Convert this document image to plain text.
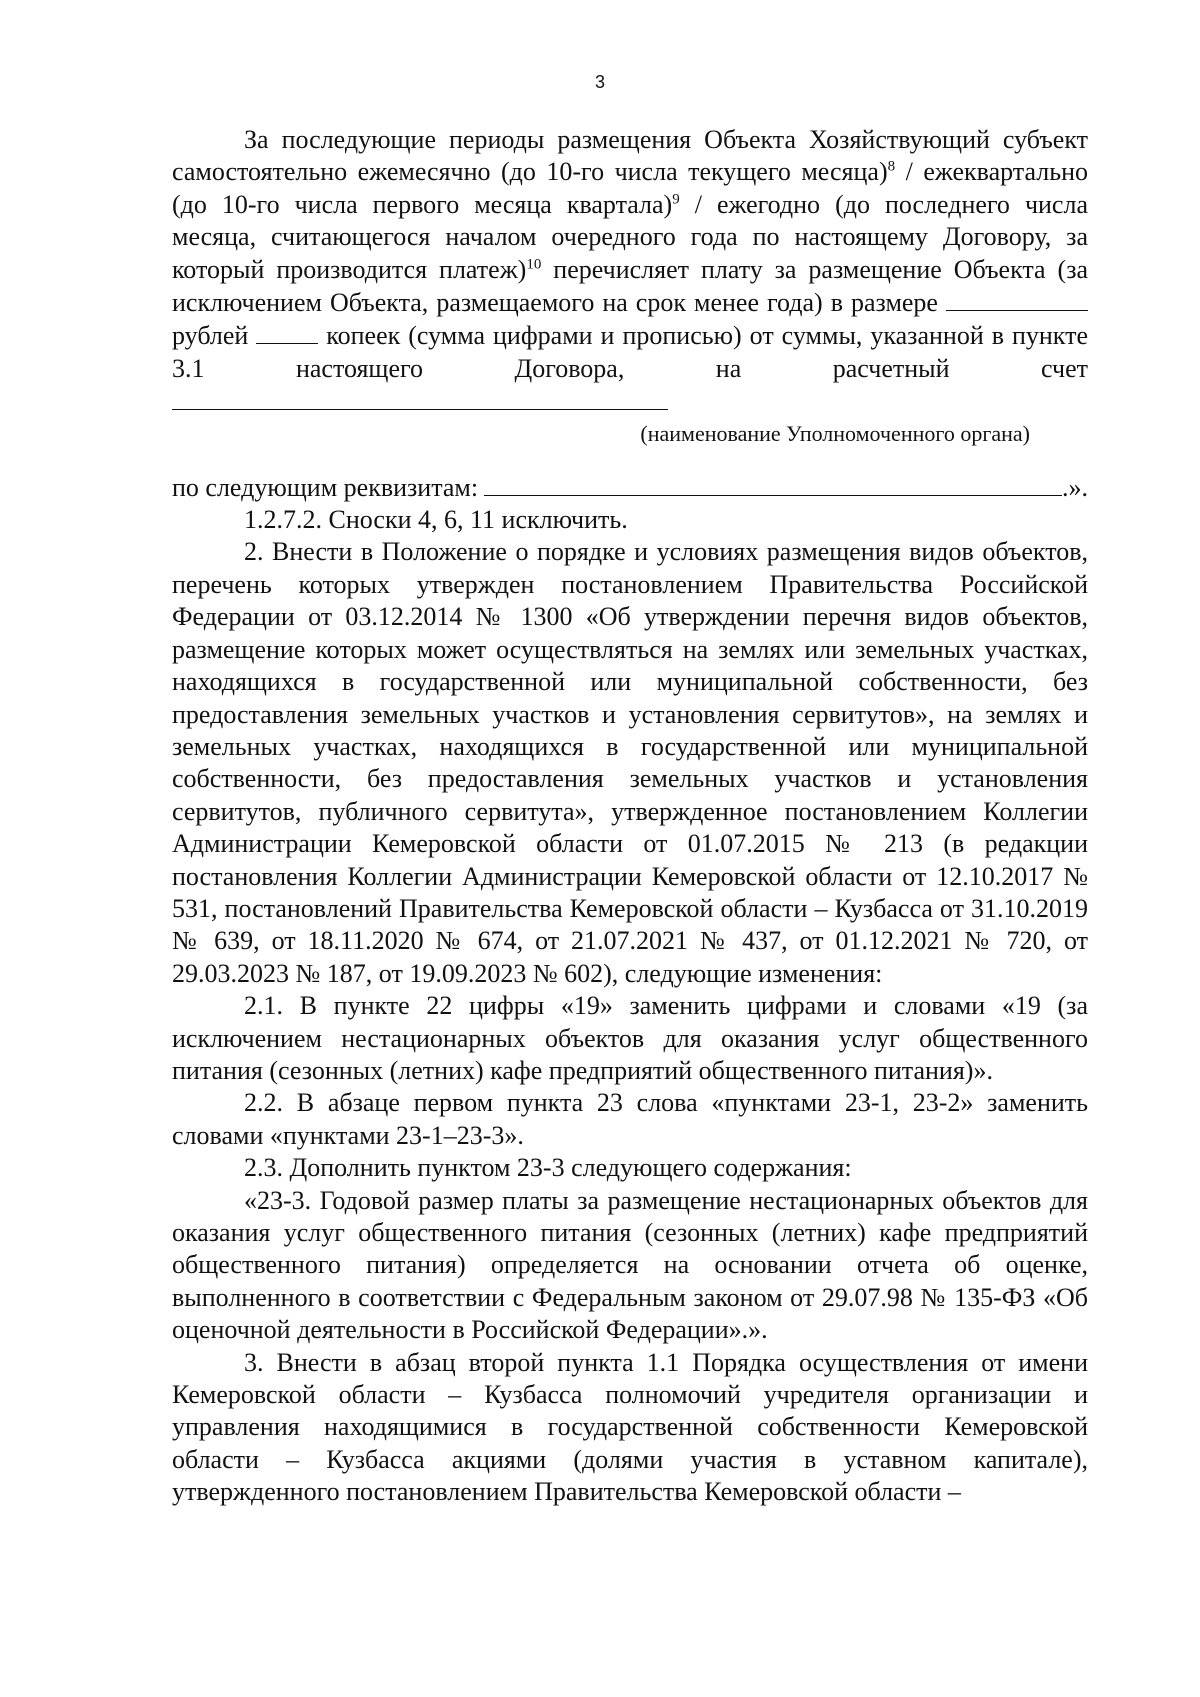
3

За последующие периоды размещения Объекта Хозяйствующий субъект самостоятельно ежемесячно (до 10-го числа текущего месяца)$^8$ / ежеквартально (до 10-го числа первого месяца квартала)$^9$ / ежегодно (до последнего числа месяца, считающегося началом очередного года по настоящему Договору, за который производится платеж)$^{10}$ перечисляет плату за размещение Объекта (за исключением Объекта, размещаемого на срок менее года) в размере  рублей  копеек (сумма цифрами и прописью) от суммы, указанной в пункте 3.1 настоящего Договора, на расчетный счет

(наименование Уполномоченного органа)
по следующим реквизитам:	.».

1.2.7.2. Сноски 4, 6, 11 исключить.

2. Внести в Положение о порядке и условиях размещения видов объектов, перечень которых утвержден постановлением Правительства Российской Федерации от 03.12.2014 № 1300 «Об утверждении перечня видов объектов, размещение которых может осуществляться на землях или земельных участках, находящихся в государственной или муниципальной собственности, без предоставления земельных участков и установления сервитутов», на землях и земельных участках, находящихся в государственной или муниципальной собственности, без предоставления земельных участков и установления сервитутов, публичного сервитута», утвержденное постановлением Коллегии Администрации Кемеровской области от 01.07.2015 № 213 (в редакции постановления Коллегии Администрации Кемеровской области от 12.10.2017 № 531, постановлений Правительства Кемеровской области – Кузбасса от 31.10.2019 № 639, от 18.11.2020 № 674, от 21.07.2021 № 437, от 01.12.2021 № 720, от 29.03.2023 № 187, от 19.09.2023 № 602), следующие изменения:

2.1. В пункте 22 цифры «19» заменить цифрами и словами «19 (за исключением нестационарных объектов для оказания услуг общественного питания (сезонных (летних) кафе предприятий общественного питания)».

2.2. В абзаце первом пункта 23 слова «пунктами 23-1, 23-2» заменить словами «пунктами 23-1–23-3».

2.3. Дополнить пунктом 23-3 следующего содержания:

«23-3. Годовой размер платы за размещение нестационарных объектов для оказания услуг общественного питания (сезонных (летних) кафе предприятий общественного питания) определяется на основании отчета об оценке, выполненного в соответствии с Федеральным законом от 29.07.98 № 135-ФЗ «Об оценочной деятельности в Российской Федерации».».

3. Внести в абзац второй пункта 1.1 Порядка осуществления от имени Кемеровской области – Кузбасса полномочий учредителя организации и управления находящимися в государственной собственности Кемеровской области – Кузбасса акциями (долями участия в уставном капитале), утвержденного постановлением Правительства Кемеровской области –
